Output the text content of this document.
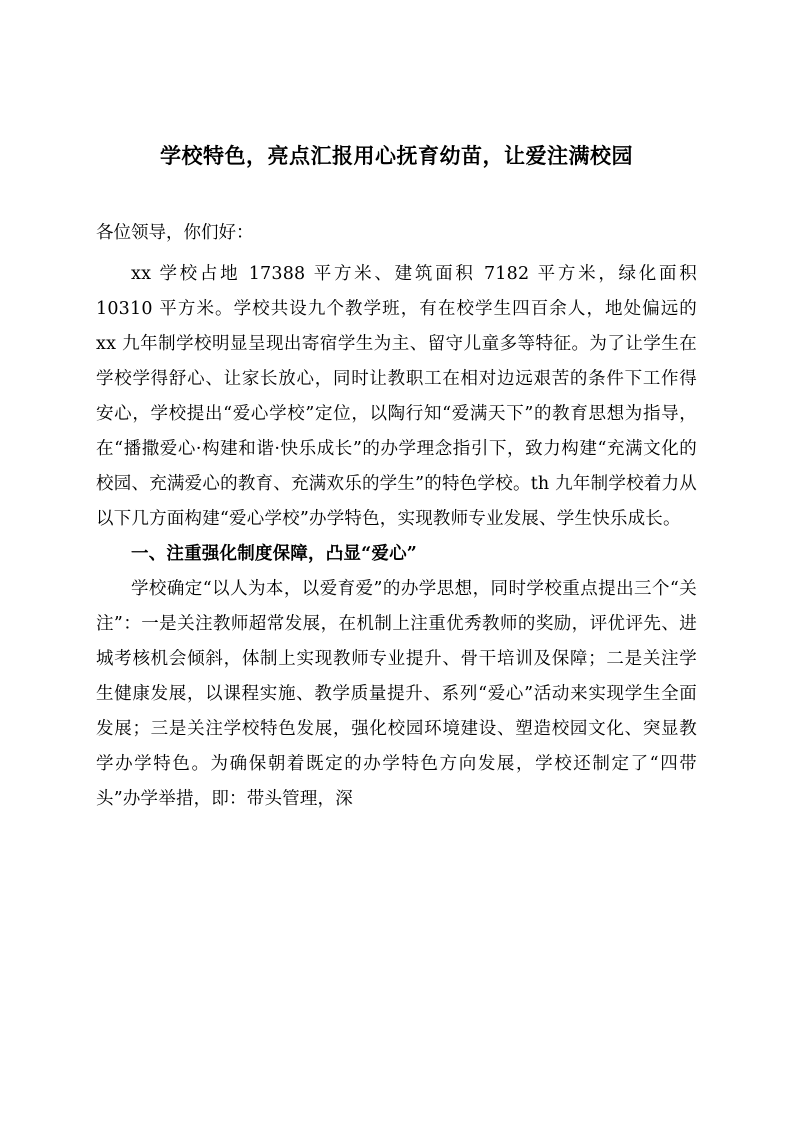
学校特色，亮点汇报用心抚育幼苗，让爱注满校园

各位领导，你们好：

xx 学校占地 17388 平方米、建筑面积 7182 平方米，绿化面积 10310 平方米。学校共设九个教学班，有在校学生四百余人，地处偏远的 xx 九年制学校明显呈现出寄宿学生为主、留守儿童多等特征。为了让学生在学校学得舒心、让家长放心，同时让教职工在相对边远艰苦的条件下工作得安心，学校提出“爱心学校”定位，以陶行知“爱满天下”的教育思想为指导，在“播撒爱心·构建和谐·快乐成长”的办学理念指引下，致力构建“充满文化的校园、充满爱心的教育、充满欢乐的学生”的特色学校。th 九年制学校着力从以下几方面构建“爱心学校”办学特色，实现教师专业发展、学生快乐成长。

一、注重强化制度保障，凸显“爱心”

学校确定“以人为本，以爱育爱”的办学思想，同时学校重点提出三个“关注”：一是关注教师超常发展，在机制上注重优秀教师的奖励，评优评先、进城考核机会倾斜，体制上实现教师专业提升、骨干培训及保障；二是关注学生健康发展，以课程实施、教学质量提升、系列“爱心”活动来实现学生全面发展；三是关注学校特色发展，强化校园环境建设、塑造校园文化、突显教学办学特色。为确保朝着既定的办学特色方向发展，学校还制定了“四带头”办学举措，即：带头管理，深
